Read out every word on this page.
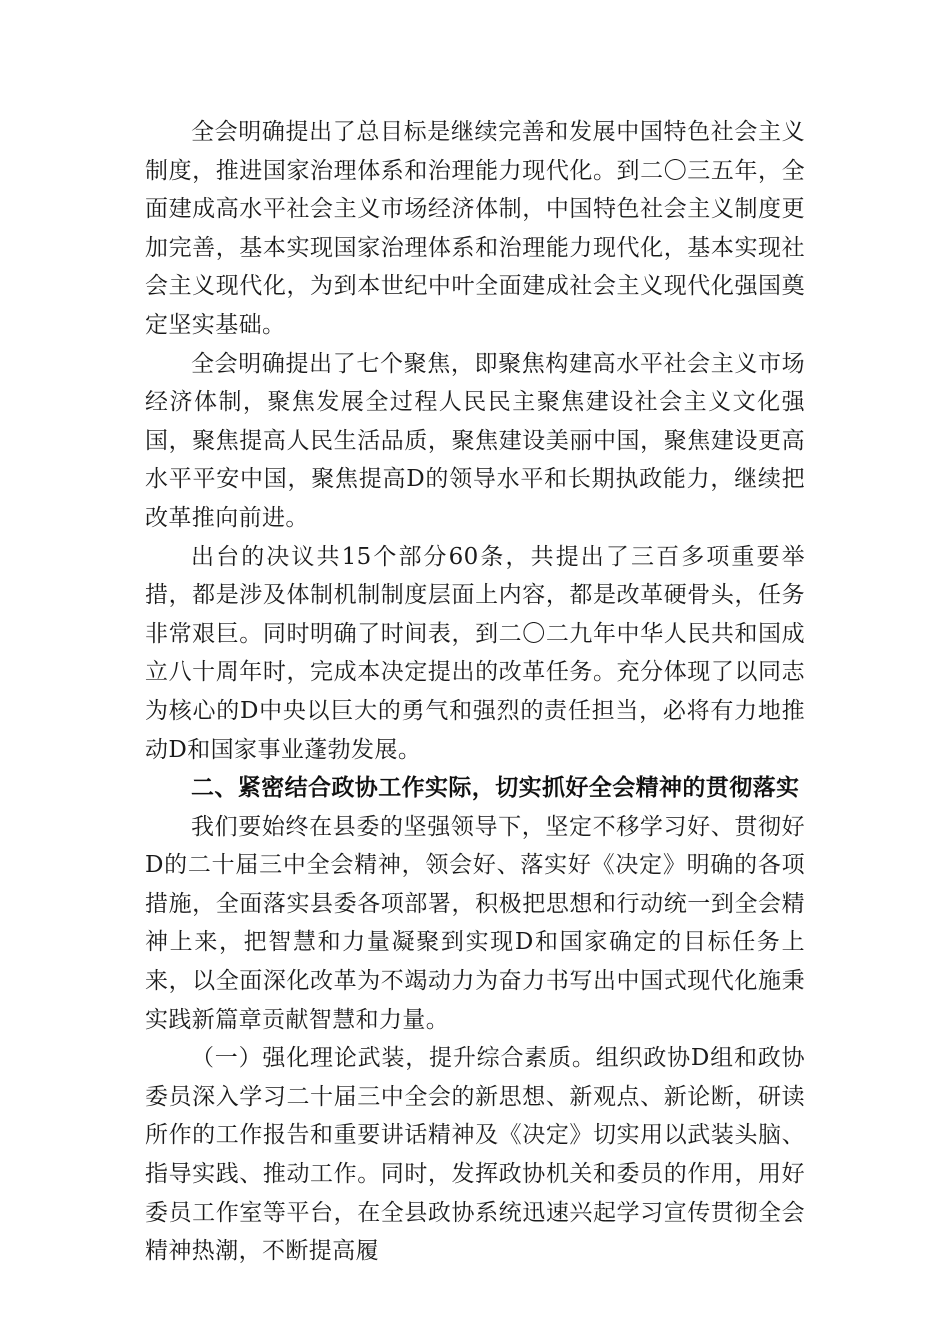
全会明确提出了总目标是继续完善和发展中国特色社会主义制度，推进国家治理体系和治理能力现代化。到二〇三五年，全面建成高水平社会主义市场经济体制，中国特色社会主义制度更加完善，基本实现国家治理体系和治理能力现代化，基本实现社会主义现代化，为到本世纪中叶全面建成社会主义现代化强国奠定坚实基础。

全会明确提出了七个聚焦，即聚焦构建高水平社会主义市场经济体制，聚焦发展全过程人民民主聚焦建设社会主义文化强国，聚焦提高人民生活品质，聚焦建设美丽中国，聚焦建设更高水平平安中国，聚焦提高D的领导水平和长期执政能力，继续把改革推向前进。

出台的决议共15个部分60条，共提出了三百多项重要举措，都是涉及体制机制制度层面上内容，都是改革硬骨头，任务非常艰巨。同时明确了时间表，到二〇二九年中华人民共和国成立八十周年时，完成本决定提出的改革任务。充分体现了以同志为核心的D中央以巨大的勇气和强烈的责任担当，必将有力地推动D和国家事业蓬勃发展。

二、紧密结合政协工作实际，切实抓好全会精神的贯彻落实

我们要始终在县委的坚强领导下，坚定不移学习好、贯彻好D的二十届三中全会精神，领会好、落实好《决定》明确的各项措施，全面落实县委各项部署，积极把思想和行动统一到全会精神上来，把智慧和力量凝聚到实现D和国家确定的目标任务上来，以全面深化改革为不竭动力为奋力书写出中国式现代化施秉实践新篇章贡献智慧和力量。

（一）强化理论武装，提升综合素质。组织政协D组和政协委员深入学习二十届三中全会的新思想、新观点、新论断，研读所作的工作报告和重要讲话精神及《决定》切实用以武装头脑、指导实践、推动工作。同时，发挥政协机关和委员的作用，用好委员工作室等平台，在全县政协系统迅速兴起学习宣传贯彻全会精神热潮，不断提高履
